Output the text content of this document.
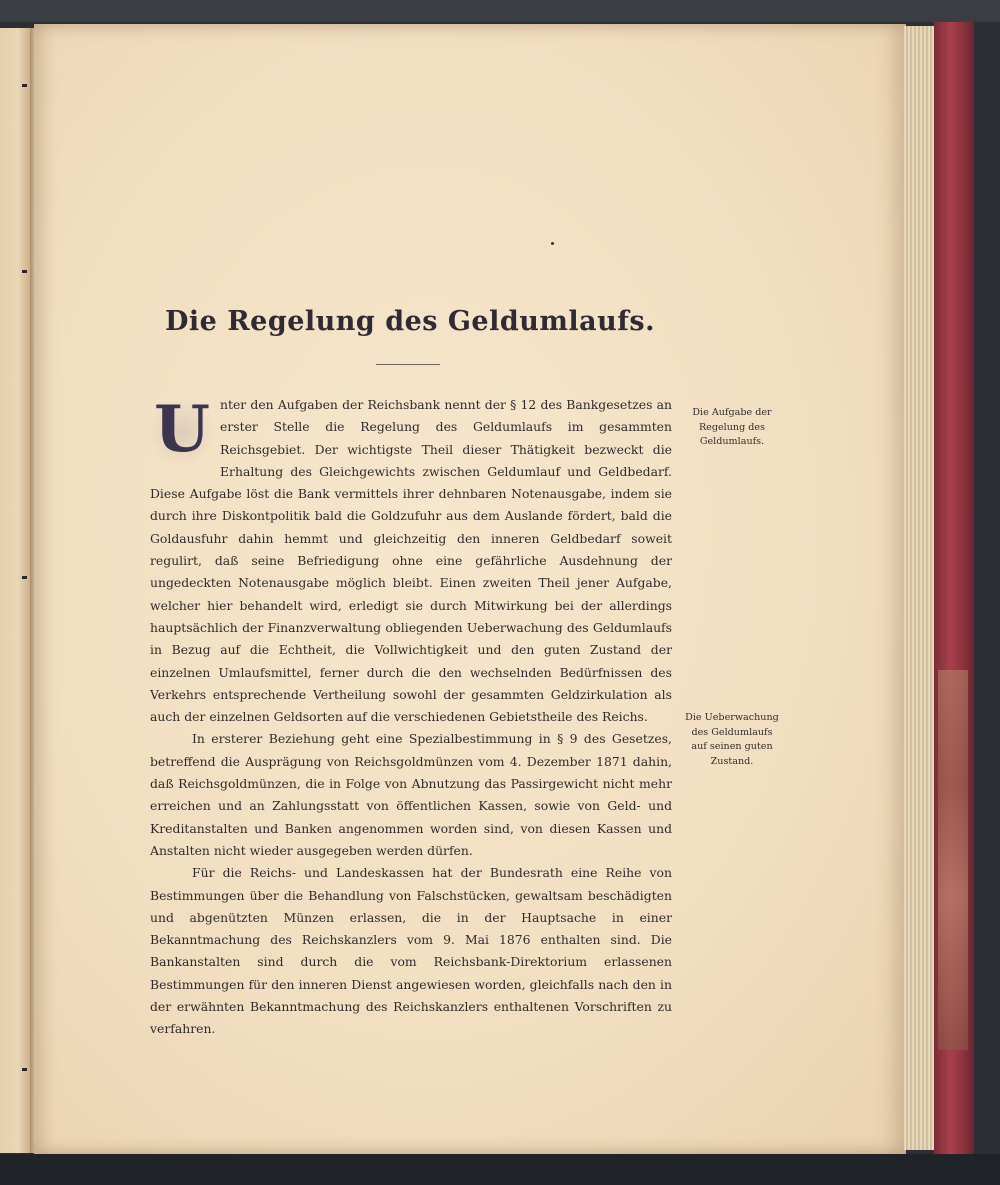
Die Regelung des Geldumlaufs.

U nter den Aufgaben der Reichsbank nennt der § 12 des Bankgesetzes an erster Stelle die Regelung des Geldumlaufs im gesammten Reichsgebiet. Der wichtigste Theil dieser Thätigkeit bezweckt die Erhaltung des Gleichgewichts zwischen Geldumlauf und Geldbedarf. Diese Aufgabe löst die Bank vermittels ihrer dehnbaren Notenausgabe, indem sie durch ihre Diskontpolitik bald die Goldzufuhr aus dem Auslande fördert, bald die Goldausfuhr dahin hemmt und gleichzeitig den inneren Geldbedarf soweit regulirt, daß seine Befriedigung ohne eine gefährliche Ausdehnung der ungedeckten Notenausgabe möglich bleibt. Einen zweiten Theil jener Aufgabe, welcher hier behandelt wird, erledigt sie durch Mitwirkung bei der allerdings hauptsächlich der Finanzverwaltung obliegenden Ueberwachung des Geldumlaufs in Bezug auf die Echtheit, die Vollwichtigkeit und den guten Zustand der einzelnen Umlaufsmittel, ferner durch die den wechselnden Bedürfnissen des Verkehrs entsprechende Vertheilung sowohl der gesammten Geldzirkulation als auch der einzelnen Geldsorten auf die verschiedenen Gebietstheile des Reichs.

In ersterer Beziehung geht eine Spezialbestimmung in § 9 des Gesetzes, betreffend die Ausprägung von Reichsgoldmünzen vom 4. Dezember 1871 dahin, daß Reichsgoldmünzen, die in Folge von Abnutzung das Passirgewicht nicht mehr erreichen und an Zahlungsstatt von öffentlichen Kassen, sowie von Geld- und Kreditanstalten und Banken angenommen worden sind, von diesen Kassen und Anstalten nicht wieder ausgegeben werden dürfen.

Für die Reichs- und Landeskassen hat der Bundesrath eine Reihe von Bestimmungen über die Behandlung von Falschstücken, gewaltsam beschädigten und abgenützten Münzen erlassen, die in der Hauptsache in einer Bekanntmachung des Reichskanzlers vom 9. Mai 1876 enthalten sind. Die Bankanstalten sind durch die vom Reichsbank-Direktorium erlassenen Bestimmungen für den inneren Dienst angewiesen worden, gleichfalls nach den in der erwähnten Bekanntmachung des Reichskanzlers enthaltenen Vorschriften zu verfahren.

Die Aufgabe der Regelung des Geldumlaufs.
Die Ueberwachung des Geldumlaufs auf seinen guten Zustand.
